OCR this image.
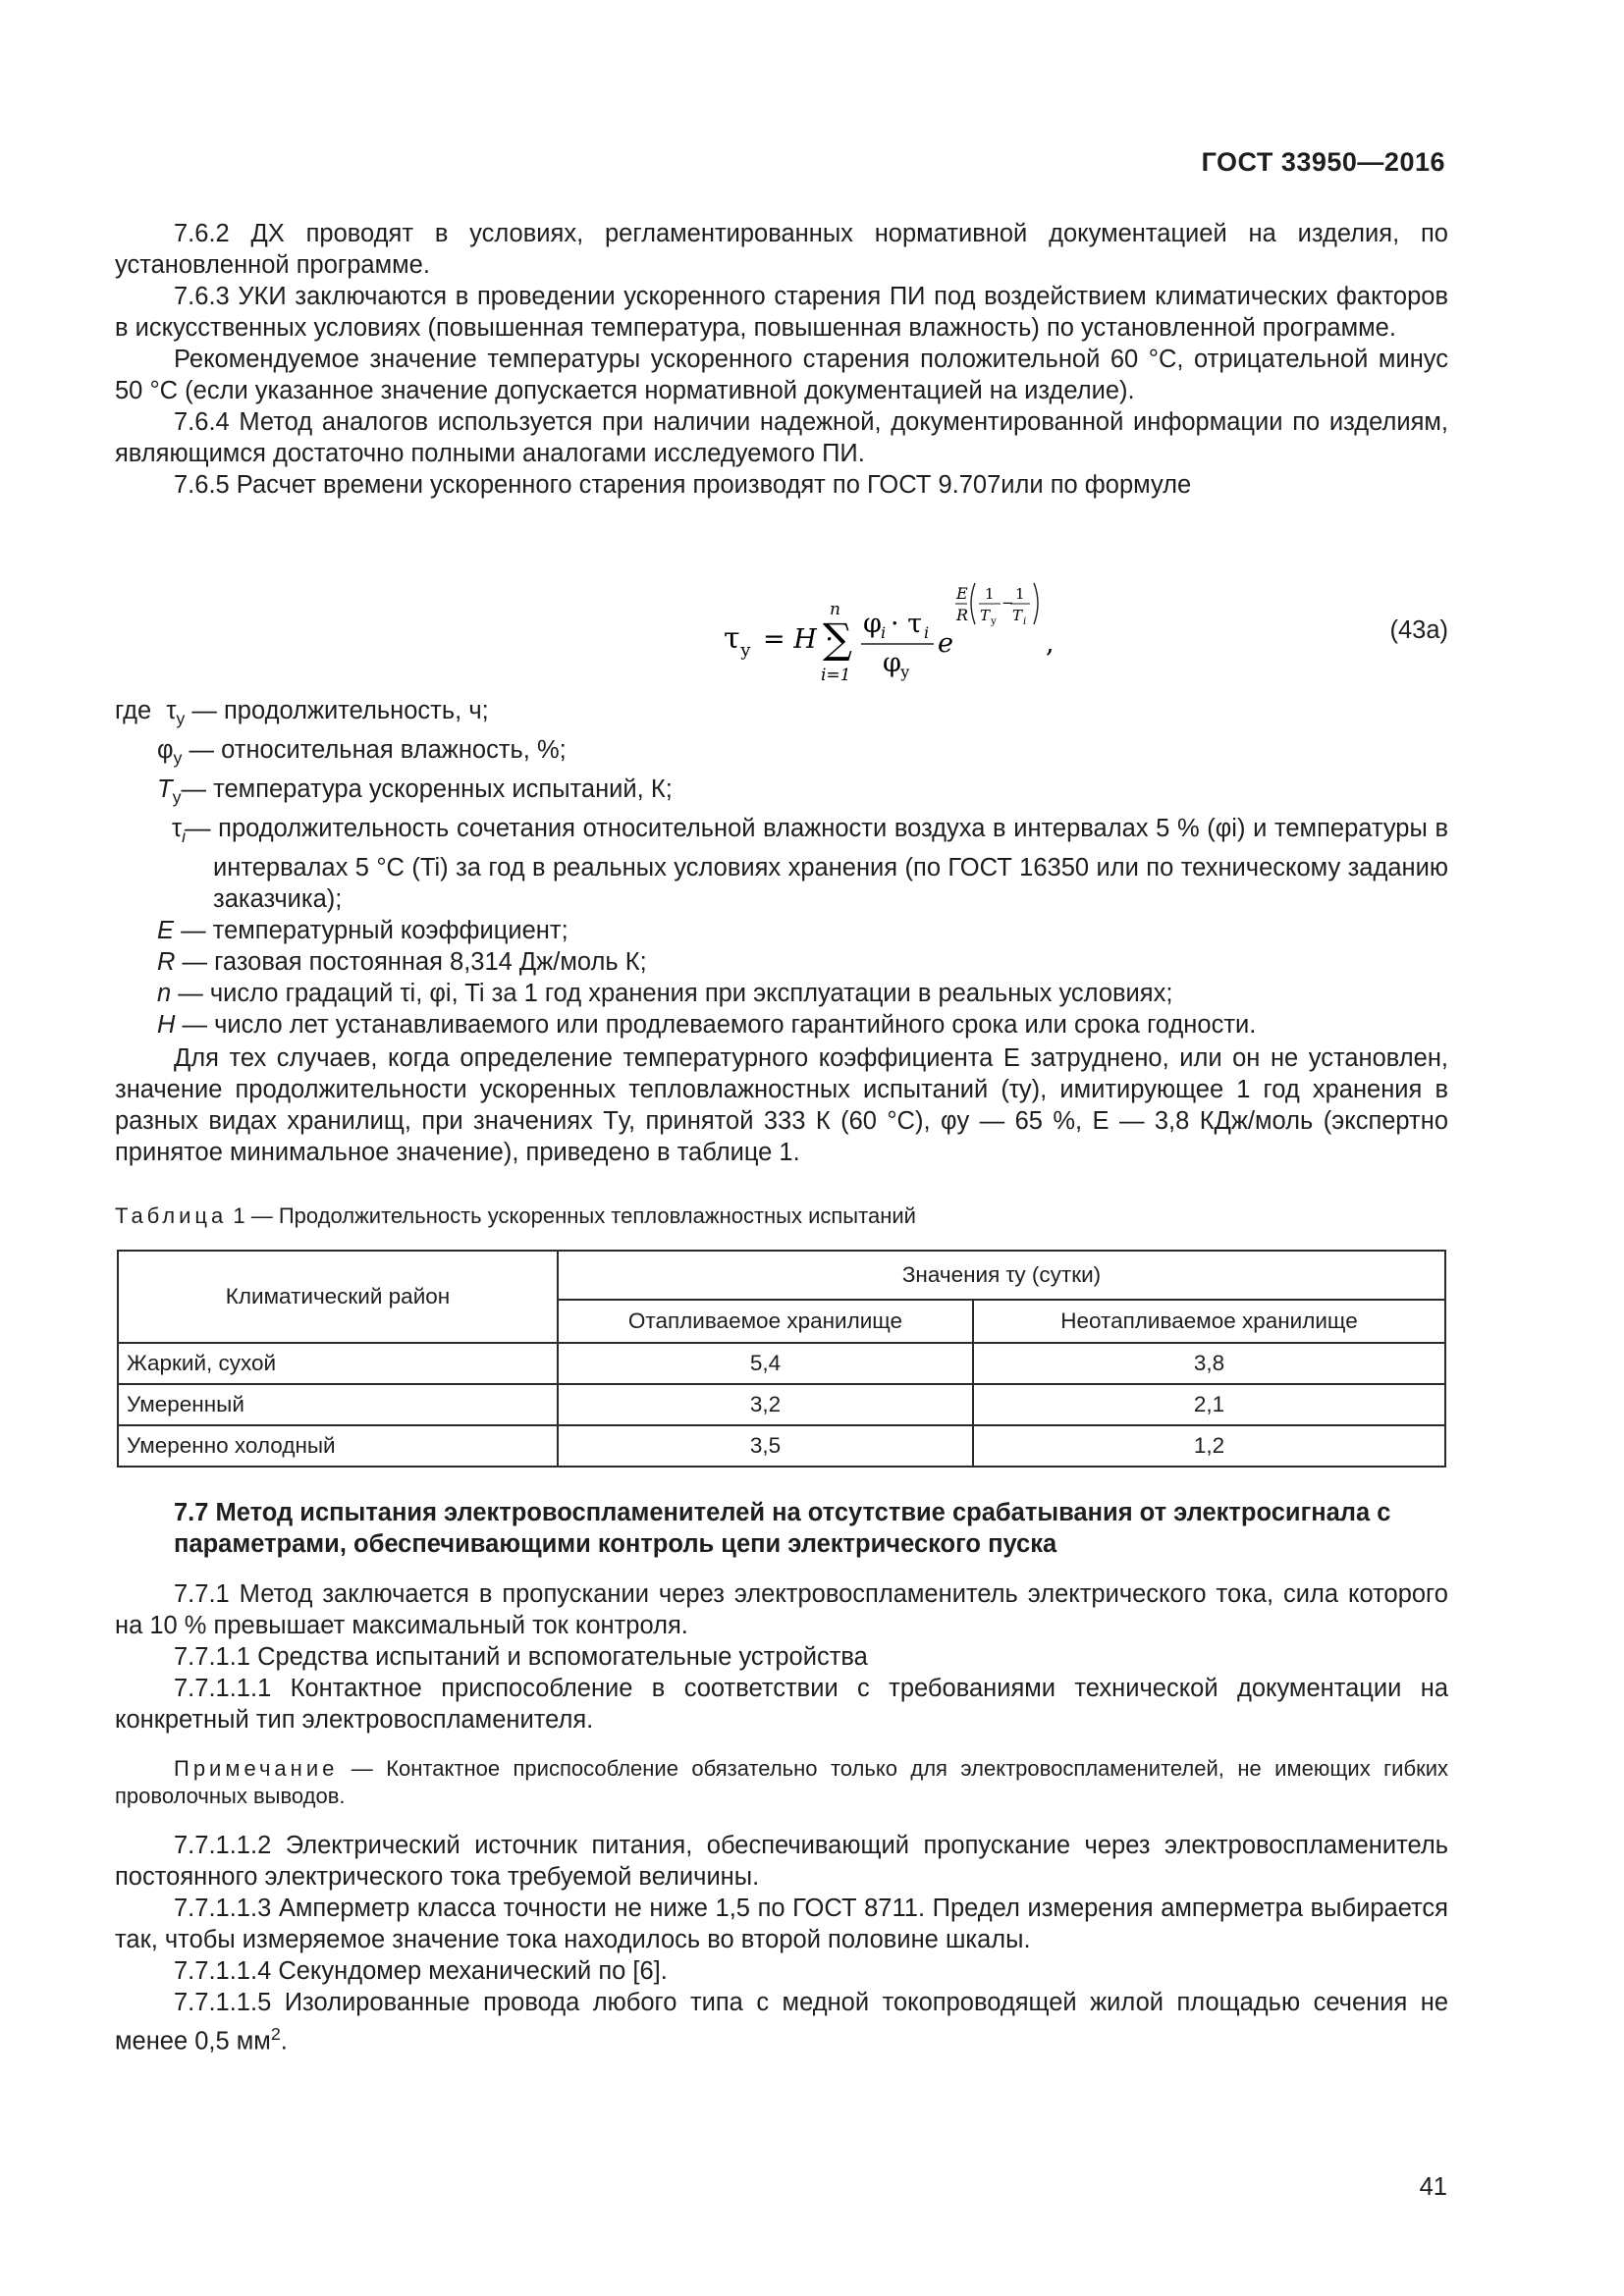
ГОСТ 33950—2016

7.6.2 ДХ проводят в условиях, регламентированных нормативной документацией на изделия, по установленной программе.

7.6.3 УКИ заключаются в проведении ускоренного старения ПИ под воздействием климатических факторов в искусственных условиях (повышенная температура, повышенная влажность) по установленной программе.

Рекомендуемое значение температуры ускоренного старения положительной 60 °C, отрицательной минус 50 °C (если указанное значение допускается нормативной документацией на изделие).

7.6.4 Метод аналогов используется при наличии надежной, документированной информации по изделиям, являющимся достаточно полными аналогами исследуемого ПИ.

7.6.5 Расчет времени ускоренного старения производят по ГОСТ 9.707или по формуле

τ у = H ·
n
∑
i=1
φ i · τ i
φ у
e
E
R
1
T у
− 1
T i
,	(43a)
где $\tau_у$ — продолжительность, ч;
$\varphi_у$ — относительная влажность, %;
$T_у—$ температура ускоренных испытаний, К;
$\tau_i—$ продолжительность сочетания относительной влажности воздуха в интервалах 5 % (φi) и температуры в интервалах 5 °C (Ti) за год в реальных условиях хранения (по ГОСТ 16350 или по техническому заданию заказчика);
E — температурный коэффициент;
R — газовая постоянная 8,314 Дж/моль К;
n — число градаций τi, φi, Ti за 1 год хранения при эксплуатации в реальных условиях;
H — число лет устанавливаемого или продлеваемого гарантийного срока или срока годности.

Для тех случаев, когда определение температурного коэффициента E затруднено, или он не установлен, значение продолжительности ускоренных тепловлажностных испытаний (τу), имитирующее 1 год хранения в разных видах хранилищ, при значениях Tу, принятой 333 К (60 °C), φу — 65 %, E — 3,8 КДж/моль (экспертно принятое минимальное значение), приведено в таблице 1.

Таблица 1 — Продолжительность ускоренных тепловлажностных испытаний
Климатический район	Значения τу (сутки)	
	Отапливаемое хранилище	Неотапливаемое хранилище
Жаркий, сухой	5,4	3,8
Умеренный	3,2	2,1
Умеренно холодный	3,5	1,2
7.7 Метод испытания электровоспламенителей на отсутствие срабатывания от электросигнала с параметрами, обеспечивающими контроль цепи электрического пуска

7.7.1 Метод заключается в пропускании через электровоспламенитель электрического тока, сила которого на 10 % превышает максимальный ток контроля.

7.7.1.1 Средства испытаний и вспомогательные устройства

7.7.1.1.1 Контактное приспособление в соответствии с требованиями технической документации на конкретный тип электровоспламенителя.

Примечание — Контактное приспособление обязательно только для электровоспламенителей, не имеющих гибких проволочных выводов.

7.7.1.1.2 Электрический источник питания, обеспечивающий пропускание через электровоспламенитель постоянного электрического тока требуемой величины.

7.7.1.1.3 Амперметр класса точности не ниже 1,5 по ГОСТ 8711. Предел измерения амперметра выбирается так, чтобы измеряемое значение тока находилось во второй половине шкалы.

7.7.1.1.4 Секундомер механический по [6].

7.7.1.1.5 Изолированные провода любого типа с медной токопроводящей жилой площадью сечения не менее 0,5 $мм^2$.

41
